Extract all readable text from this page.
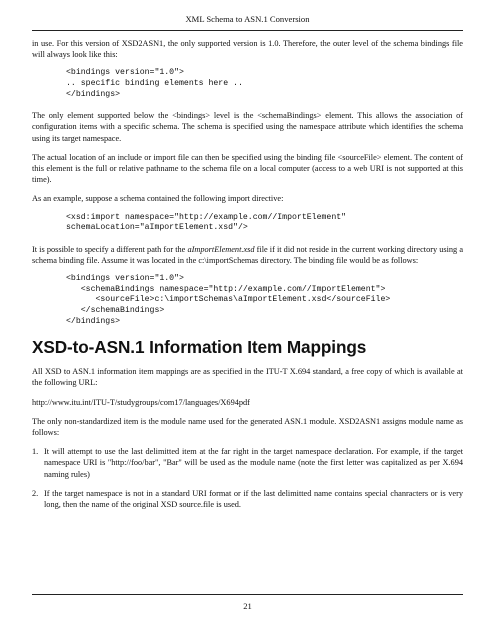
XML Schema to ASN.1 Conversion

in use. For this version of XSD2ASN1, the only supported version is 1.0. Therefore, the outer level of the schema bindings file will always look like this:

<bindings version="1.0">
.. specific binding elements here ..
</bindings>

The only element supported below the <bindings> level is the <schemaBindings> element. This allows the association of configuration items with a specific schema. The schema is specified using the namespace attribute which identifies the schema using its target namespace.

The actual location of an include or import file can then be specified using the binding file <sourceFile> element. The content of this element is the full or relative pathname to the schema file on a local computer (access to a web URI is not supported at this time).

As an example, suppose a schema contained the following import directive:

<xsd:import namespace="http://example.com//ImportElement"
schemaLocation="aImportElement.xsd"/>

It is possible to specify a different path for the aImportElement.xsd file if it did not reside in the current working directory using a schema binding file. Assume it was located in the c:\importSchemas directory. The binding file would be as follows:

<bindings version="1.0">
<schemaBindings namespace="http://example.com//ImportElement">
<sourceFile>c:\importSchemas\aImportElement.xsd</sourceFile>
</schemaBindings>
</bindings>
XSD-to-ASN.1 Information Item Mappings

All XSD to ASN.1 information item mappings are as specified in the ITU-T X.694 standard, a free copy of which is available at the following URL:

http://www.itu.int/ITU-T/studygroups/com17/languages/X694pdf

The only non-standardized item is the module name used for the generated ASN.1 module. XSD2ASN1 assigns module name as follows:

1. It will attempt to use the last delimitted item at the far right in the target namespace declaration. For example, if the target namespace URI is "http://foo/bar", "Bar" will be used as the module name (note the first letter was capitalized as per X.694 naming rules)
2. If the target namespace is not in a standard URI format or if the last delimitted name contains special chanracters or is very long, then the name of the original XSD source.file is used.
21
